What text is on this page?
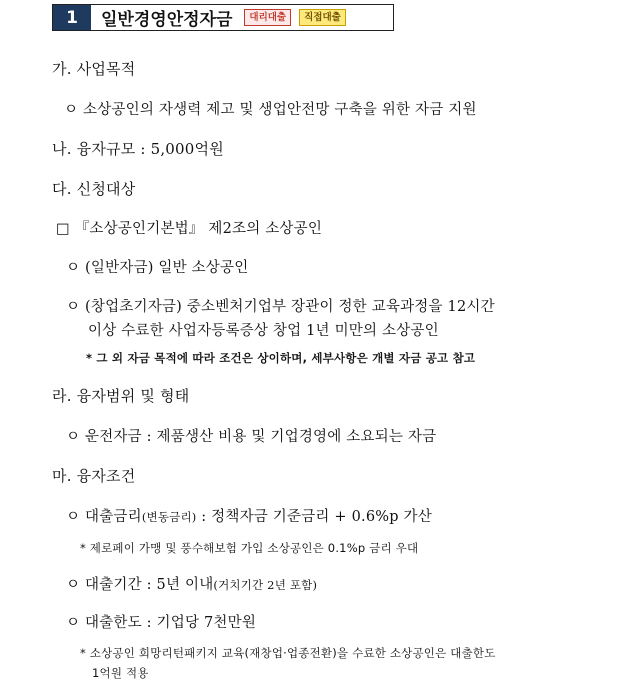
1	일반경영안정자금	대리대출	직접대출
가. 사업목적
ㅇ 소상공인의 자생력 제고 및 생업안전망 구축을 위한 자금 지원
나. 융자규모 : 5,000억원
다. 신청대상
□ 『소상공인기본법』 제2조의 소상공인
ㅇ (일반자금) 일반 소상공인
ㅇ (창업초기자금) 중소벤처기업부 장관이 정한 교육과정을 12시간
이상 수료한 사업자등록증상 창업 1년 미만의 소상공인
* 그 외 자금 목적에 따라 조건은 상이하며, 세부사항은 개별 자금 공고 참고
라. 융자범위 및 형태
ㅇ 운전자금 : 제품생산 비용 및 기업경영에 소요되는 자금
마. 융자조건
ㅇ 대출금리(변동금리) : 정책자금 기준금리 + 0.6%p 가산
* 제로페이 가맹 및 풍수해보험 가입 소상공인은 0.1%p 금리 우대
ㅇ 대출기간 : 5년 이내(거치기간 2년 포함)
ㅇ 대출한도 : 기업당 7천만원
* 소상공인 희망리턴패키지 교육(재창업·업종전환)을 수료한 소상공인은 대출한도
1억원 적용
